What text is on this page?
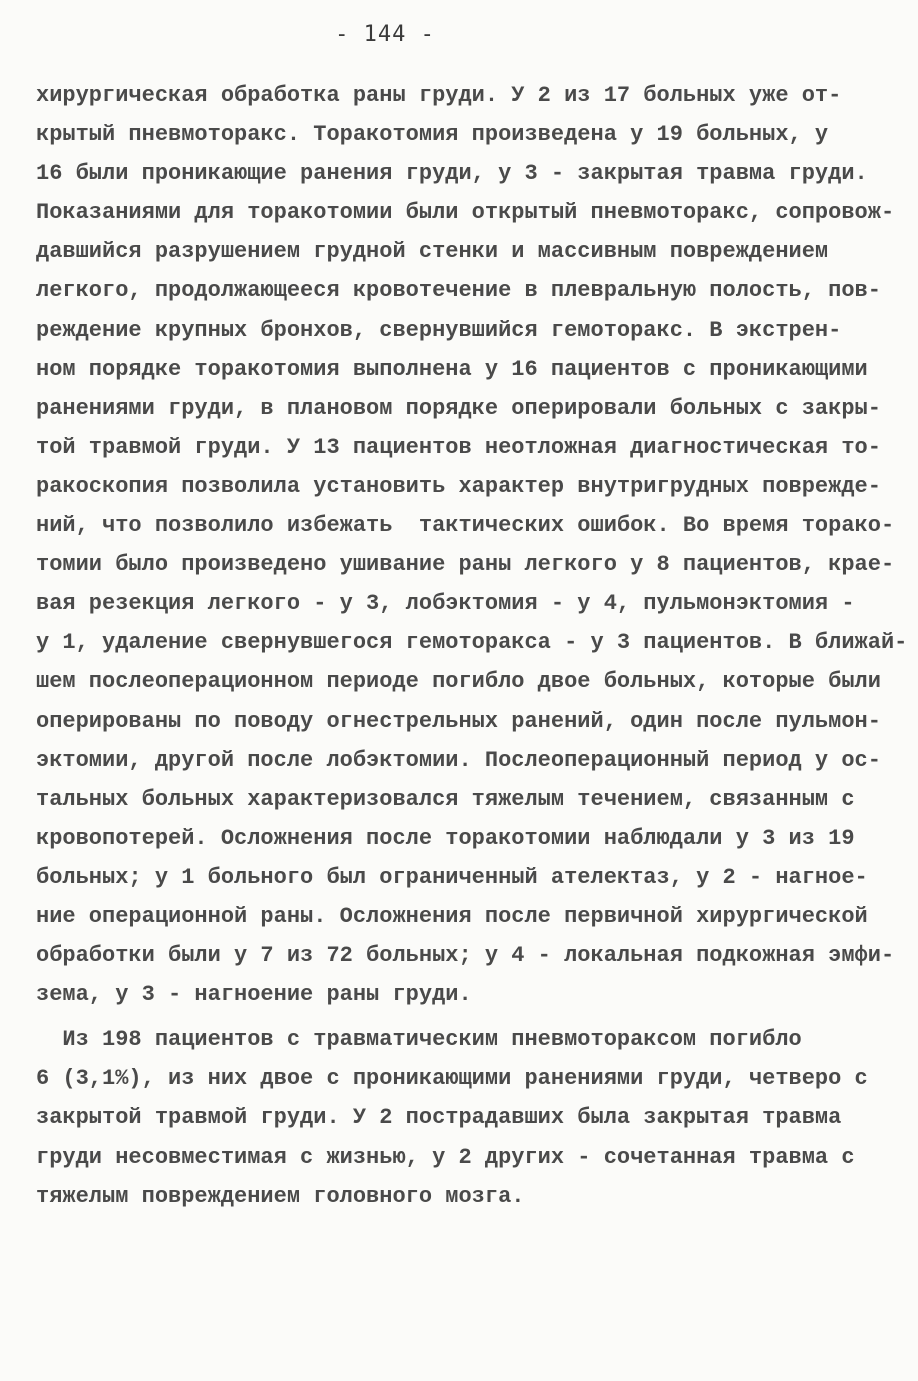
- 144 -
хирургическая обработка раны груди. У 2 из 17 больных уже от-
крытый пневмоторакс. Торакотомия произведена у 19 больных, у
16 были проникающие ранения груди, у 3 - закрытая травма груди.
Показаниями для торакотомии были открытый пневмоторакс, сопровож-
давшийся разрушением грудной стенки и массивным повреждением
легкого, продолжающееся кровотечение в плевральную полость, пов-
реждение крупных бронхов, свернувшийся гемоторакс. В экстрен-
ном порядке торакотомия выполнена у 16 пациентов с проникающими
ранениями груди, в плановом порядке оперировали больных с закры-
той травмой груди. У 13 пациентов неотложная диагностическая то-
ракоскопия позволила установить характер внутригрудных поврежде-
ний, что позволило избежать  тактических ошибок. Во время торако-
томии было произведено ушивание раны легкого у 8 пациентов, крае-
вая резекция легкого - у 3, лобэктомия - у 4, пульмонэктомия -
у 1, удаление свернувшегося гемоторакса - у 3 пациентов. В ближай-
шем послеоперационном периоде погибло двое больных, которые были
оперированы по поводу огнестрельных ранений, один после пульмон-
эктомии, другой после лобэктомии. Послеоперационный период у ос-
тальных больных характеризовался тяжелым течением, связанным с
кровопотерей. Осложнения после торакотомии наблюдали у 3 из 19
больных; у 1 больного был ограниченный ателектаз, у 2 - нагное-
ние операционной раны. Осложнения после первичной хирургической
обработки были у 7 из 72 больных; у 4 - локальная подкожная эмфи-
зема, у 3 - нагноение раны груди.
Из 198 пациентов с травматическим пневмотораксом погибло
6 (3,1%), из них двое с проникающими ранениями груди, четверо с
закрытой травмой груди. У 2 пострадавших была закрытая травма
груди несовместимая с жизнью, у 2 других - сочетанная травма с
тяжелым повреждением головного мозга.
